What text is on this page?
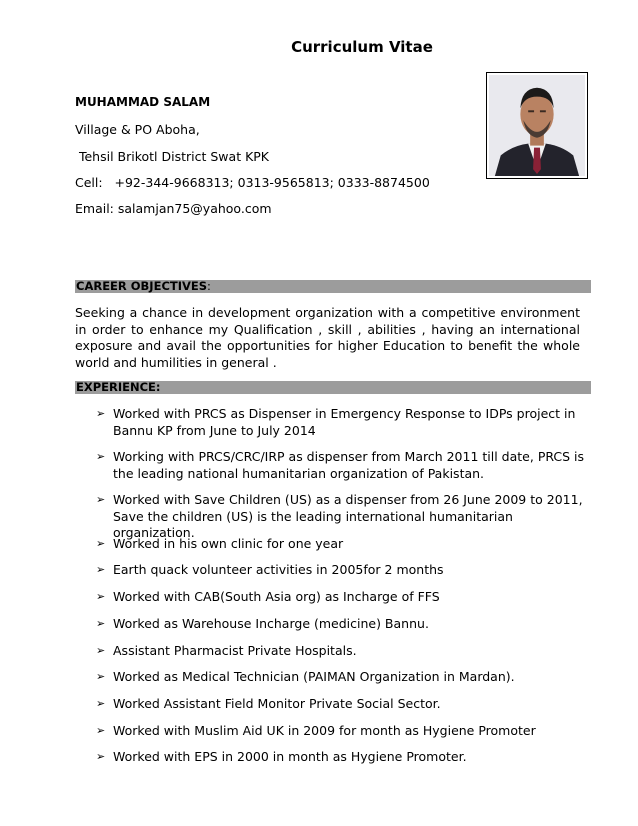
Curriculum Vitae
MUHAMMAD SALAM
Village & PO Aboha,
Tehsil Brikotl District Swat KPK
Cell:   +92-344-9668313; 0313-9565813; 0333-8874500
Email: salamjan75@yahoo.com
CAREER OBJECTIVES:
Seeking a chance in development organization with a competitive environment in order to enhance my Qualification , skill , abilities , having an international exposure and avail the opportunities for higher Education to benefit the whole world and humilities in general .
EXPERIENCE:
➢ Worked with PRCS as Dispenser in Emergency Response to IDPs project in Bannu KP from June to July 2014
➢ Working with PRCS/CRC/IRP as dispenser from March 2011 till date, PRCS is the leading national humanitarian organization of Pakistan.
➢ Worked with Save Children (US) as a dispenser from 26 June 2009 to 2011, Save the children (US) is the leading international humanitarian organization.
➢ Worked in his own clinic for one year
➢ Earth quack volunteer activities in 2005for 2 months
➢ Worked with CAB(South Asia org) as Incharge of FFS
➢ Worked as Warehouse Incharge (medicine) Bannu.
➢ Assistant Pharmacist Private Hospitals.
➢ Worked as Medical Technician (PAIMAN Organization in Mardan).
➢ Worked Assistant Field Monitor Private Social Sector.
➢ Worked with Muslim Aid UK in 2009 for month as Hygiene Promoter
➢ Worked with EPS in 2000 in month as Hygiene Promoter.
